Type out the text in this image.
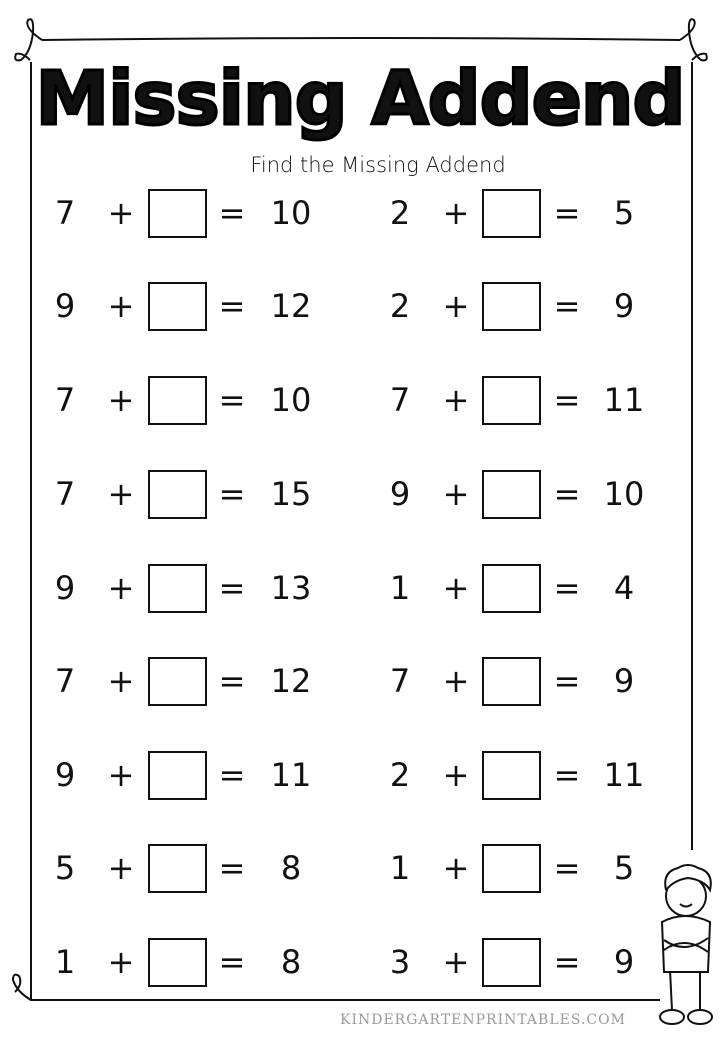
Missing Addend
Find the Missing Addend
7	+	= 10	2	+	=	5
9	+	= 12	2	+	=	9
7	+	= 10	7	+	= 11
7	+	= 15	9	+	= 10
9	+	= 13	1	+	=	4
7	+	= 12	7	+	=	9
9	+	= 11	2	+	= 11
5	+	=	8	1	+	=	5
1	+	=	8	3	+	=	9
KINDERGARTENPRINTABLES.COM
